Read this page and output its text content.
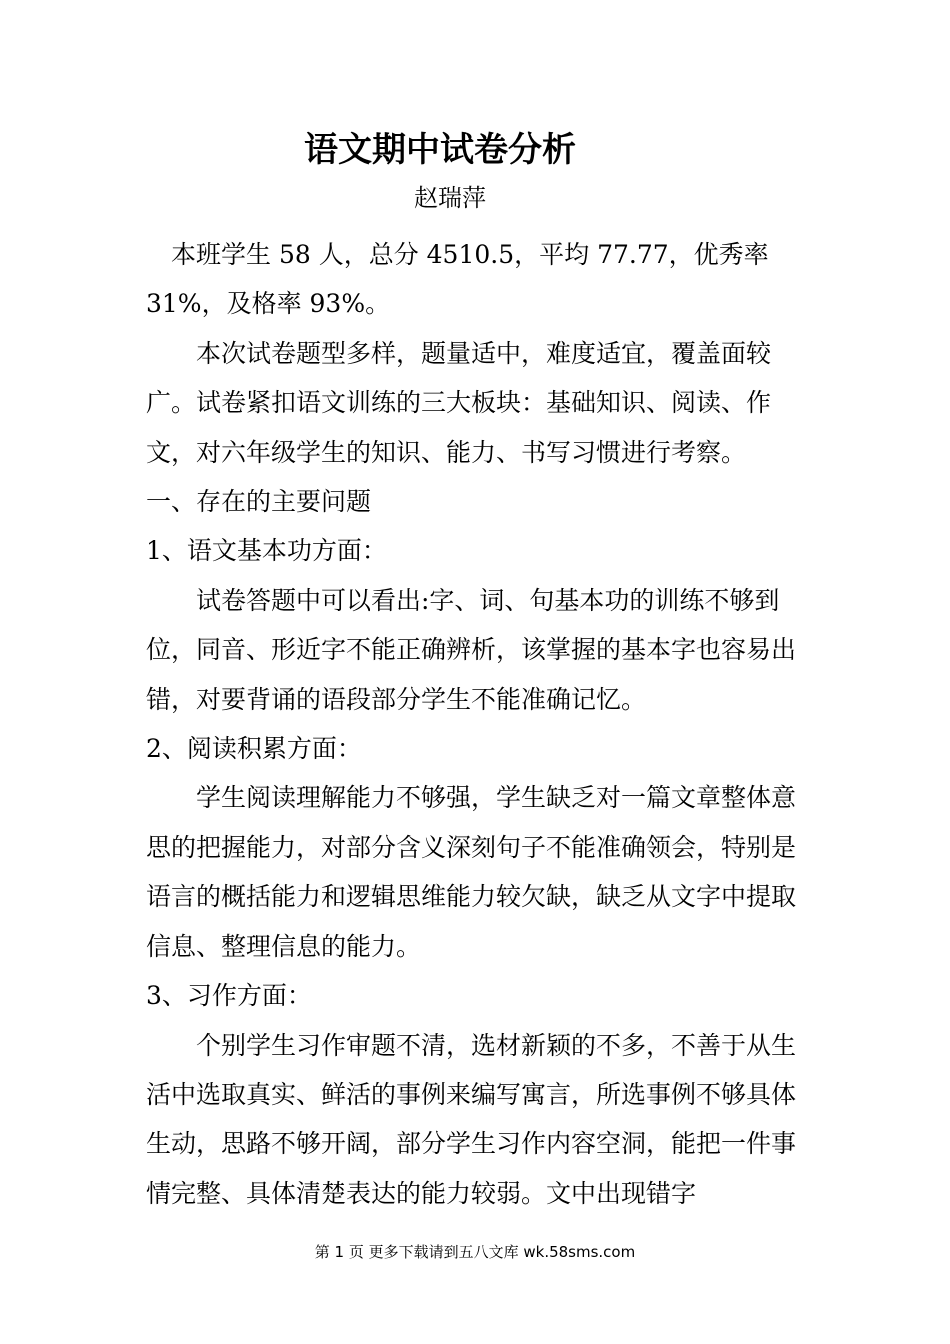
语文期中试卷分析
赵瑞萍

本班学生 58 人，总分 4510.5，平均 77.77，优秀率 31%，及格率 93%。

本次试卷题型多样，题量适中，难度适宜，覆盖面较广。试卷紧扣语文训练的三大板块：基础知识、阅读、作文，对六年级学生的知识、能力、书写习惯进行考察。

一、存在的主要问题

1、语文基本功方面：

试卷答题中可以看出:字、词、句基本功的训练不够到位，同音、形近字不能正确辨析，该掌握的基本字也容易出错，对要背诵的语段部分学生不能准确记忆。

2、阅读积累方面：

学生阅读理解能力不够强，学生缺乏对一篇文章整体意思的把握能力，对部分含义深刻句子不能准确领会，特别是语言的概括能力和逻辑思维能力较欠缺，缺乏从文字中提取信息、整理信息的能力。

3、习作方面：

个别学生习作审题不清，选材新颖的不多，不善于从生活中选取真实、鲜活的事例来编写寓言，所选事例不够具体生动，思路不够开阔，部分学生习作内容空洞，能把一件事情完整、具体清楚表达的能力较弱。文中出现错字

第 1 页 更多下载请到五八文库 wk.58sms.com
